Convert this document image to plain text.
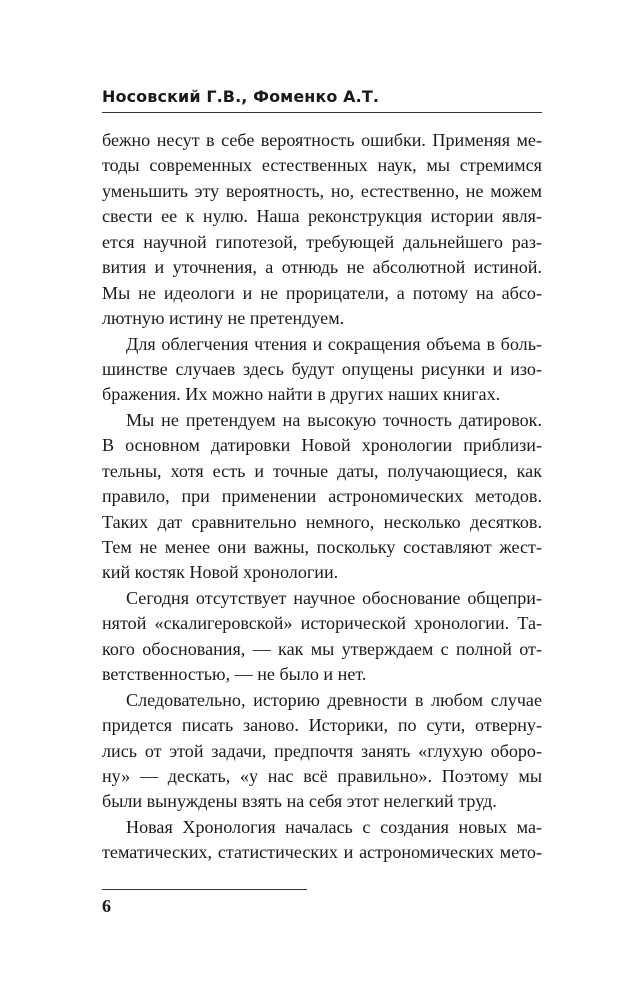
Носовский Г.В., Фоменко А.Т.
бежно несут в себе вероятность ошибки. Применяя ме-
тоды современных естественных наук, мы стремимся
уменьшить эту вероятность, но, естественно, не можем
свести ее к нулю. Наша реконструкция истории явля-
ется научной гипотезой, требующей дальнейшего раз-
вития и уточнения, а отнюдь не абсолютной истиной.
Мы не идеологи и не прорицатели, а потому на абсо-
лютную истину не претендуем.
Для облегчения чтения и сокращения объема в боль-
шинстве случаев здесь будут опущены рисунки и изо-
бражения. Их можно найти в других наших книгах.
Мы не претендуем на высокую точность датировок.
В основном датировки Новой хронологии приблизи-
тельны, хотя есть и точные даты, получающиеся, как
правило, при применении астрономических методов.
Таких дат сравнительно немного, несколько десятков.
Тем не менее они важны, поскольку составляют жест-
кий костяк Новой хронологии.
Сегодня отсутствует научное обоснование общепри-
нятой «скалигеровской» исторической хронологии. Та-
кого обоснования, — как мы утверждаем с полной от-
ветственностью, — не было и нет.
Следовательно, историю древности в любом случае
придется писать заново. Историки, по сути, отверну-
лись от этой задачи, предпочтя занять «глухую оборо-
ну» — дескать, «у нас всё правильно». Поэтому мы
были вынуждены взять на себя этот нелегкий труд.
Новая Хронология началась с создания новых ма-
тематических, статистических и астрономических мето-
6
